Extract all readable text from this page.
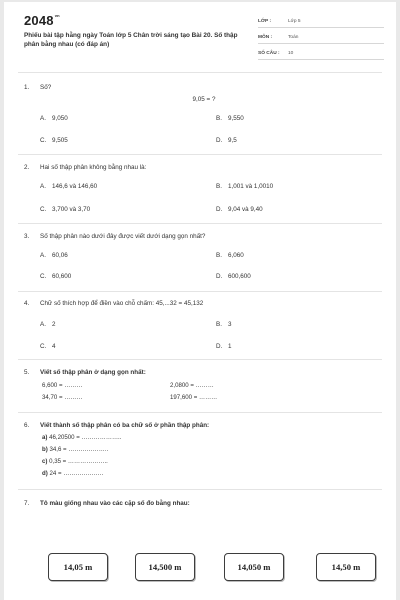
$2048^{vn}$
Phiếu bài tập hằng ngày Toán lớp 5 Chân trời sáng tạo Bài 20. Số thập phân bằng nhau (có đáp án)
LỚP :	Lớp 5
MÔN :	Toán
SỐ CÂU : 10
1. Số?
9,05 = ?
A. 9,050	B. 9,550
C. 9,505	D. 9,5
2. Hai số thập phân không bằng nhau là:
A. 146,6 và 146,60	B. 1,001 và 1,0010
C. 3,700 và 3,70	D. 9,04 và 9,40
3. Số thập phân nào dưới đây được viết dưới dạng gọn nhất?
A. 60,06	B. 6,060
C. 60,600	D. 600,600
4. Chữ số thích hợp để điền vào chỗ chấm: 45,...32 = 45,132
A. 2	B. 3
C. 4	D. 1
5. Viết số thập phân ở dạng gọn nhất:
6,600 = ………	2,0800 = ………
34,70 = ………	197,600 = ………
6. Viết thành số thập phân có ba chữ số ở phần thập phân:
a) 46,20500 = ………………..
b) 34,6 = ………………..
c) 0,35 = ………………..
d) 24 = ………………..
7. Tô màu giống nhau vào các cặp số đo bằng nhau:
14,05 m	14,500 m	14,050 m	14,50 m
